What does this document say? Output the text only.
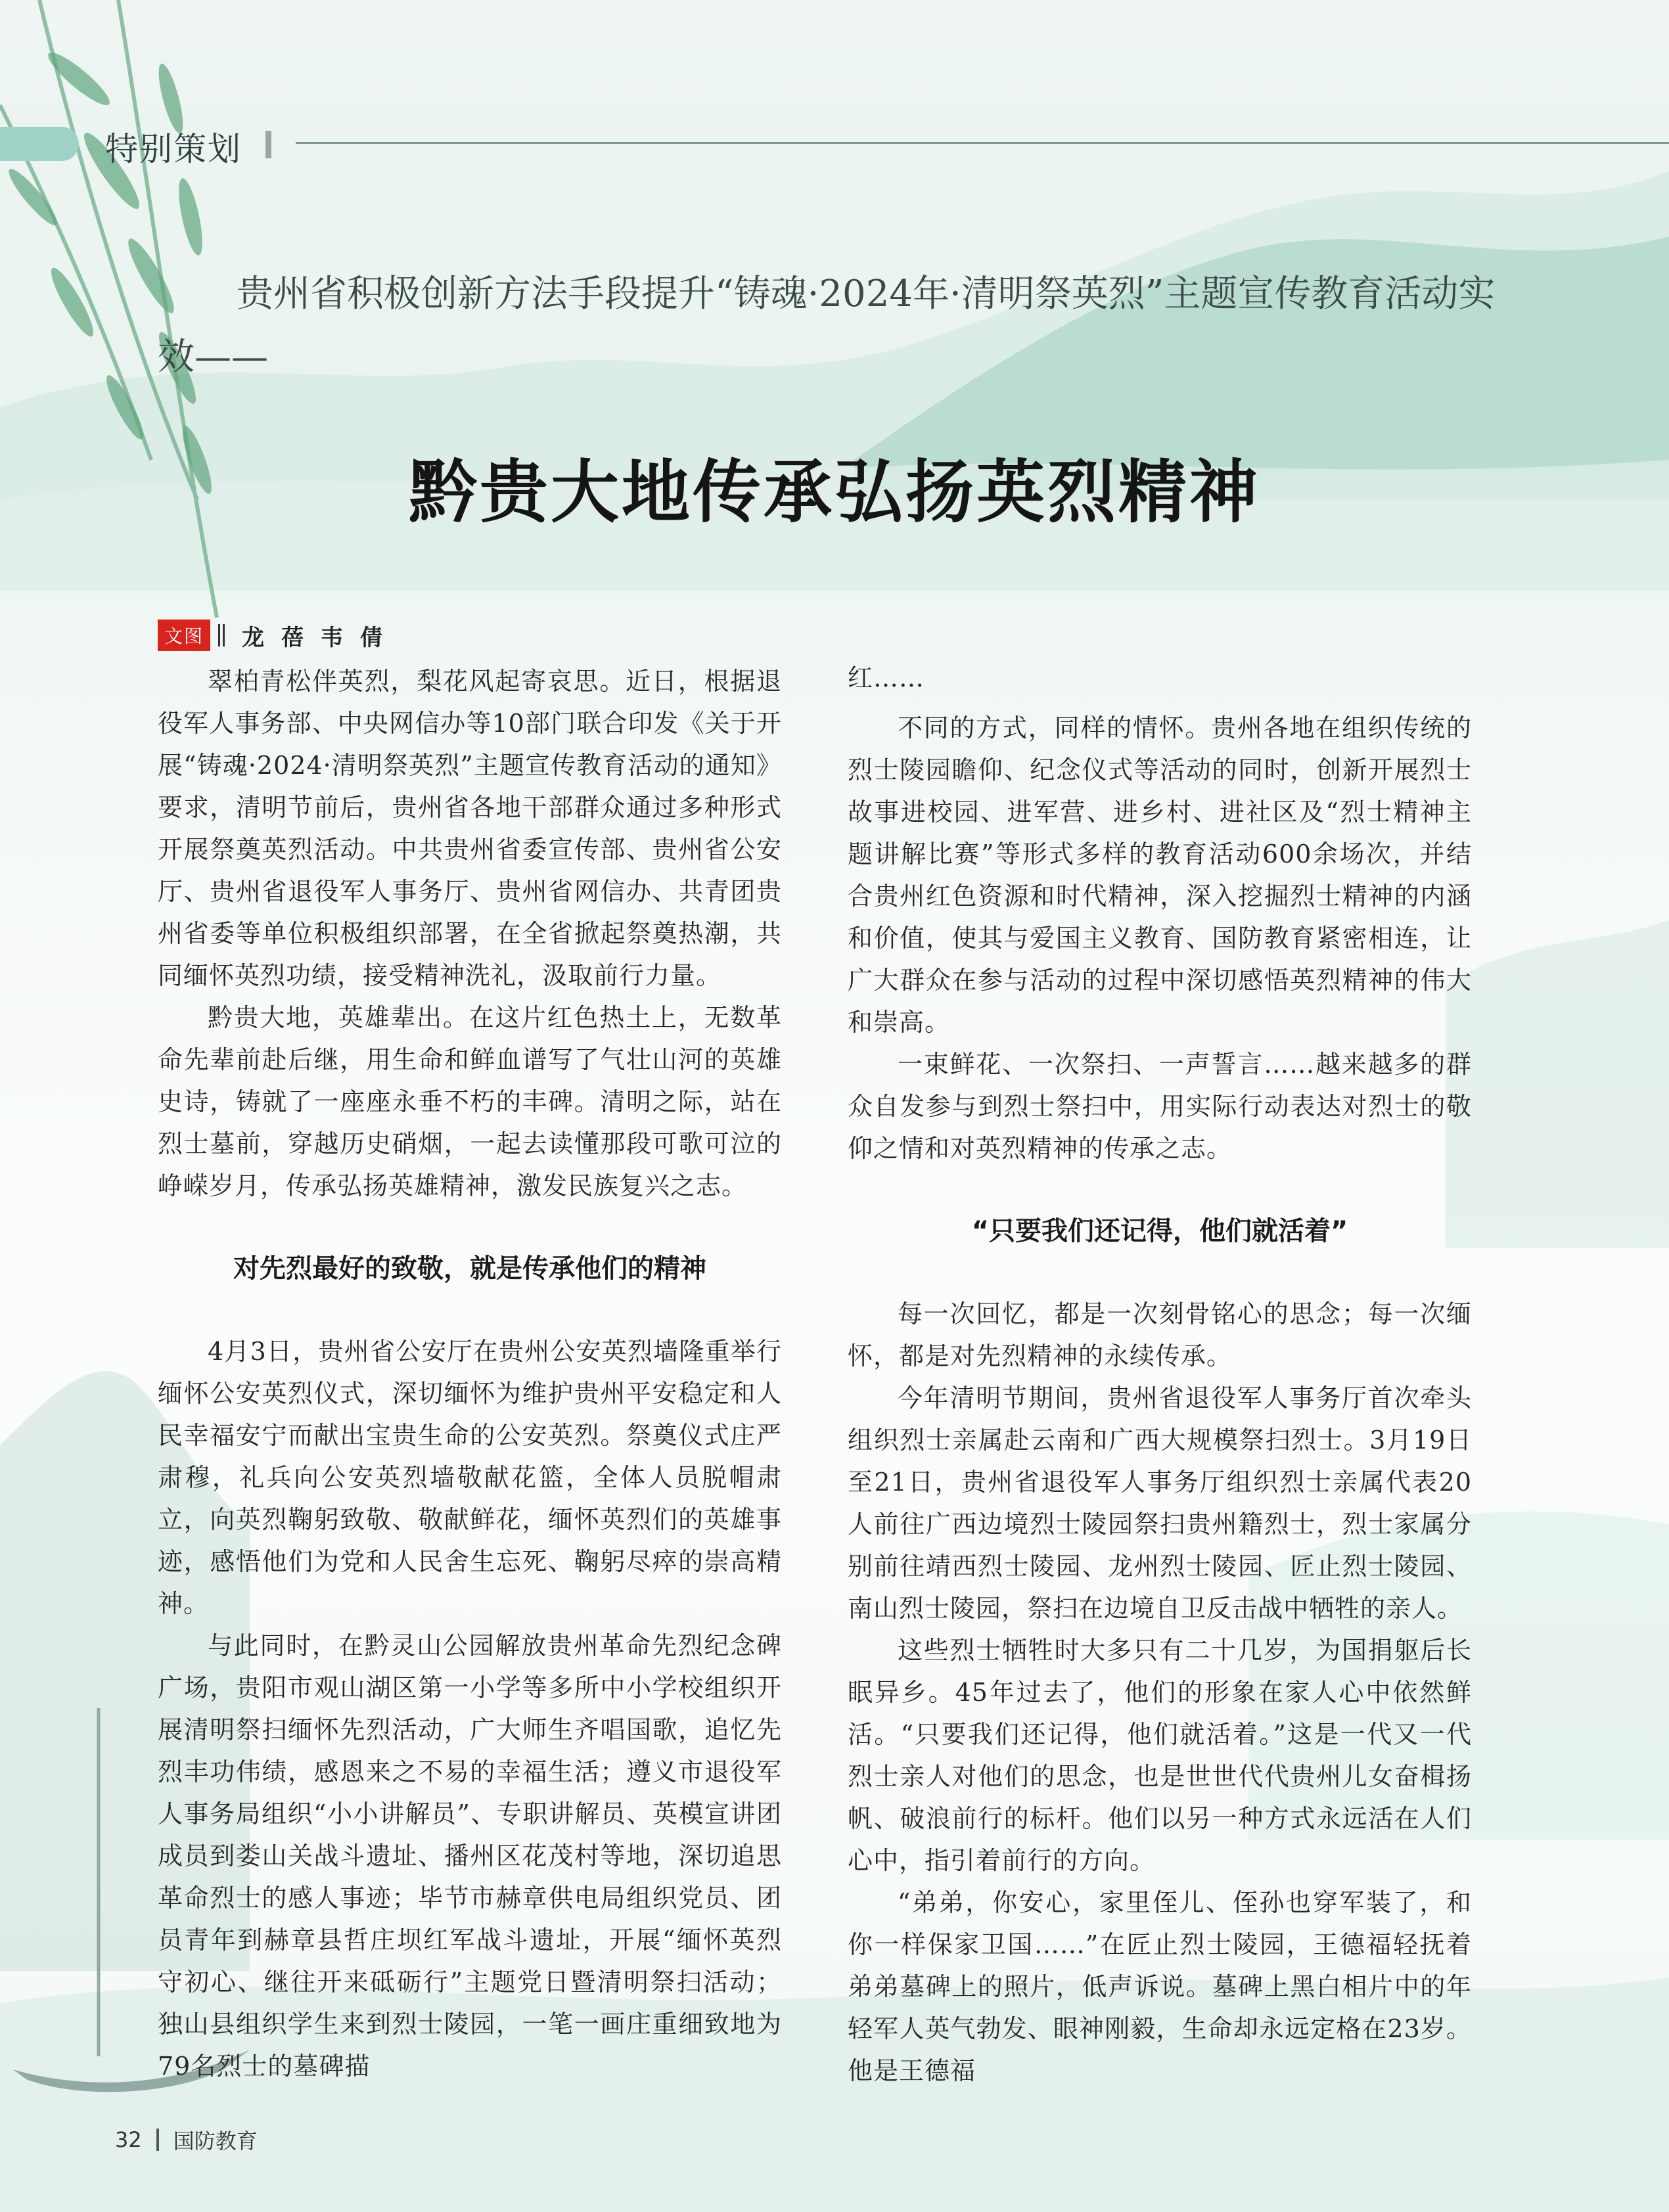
特别策划
贵州省积极创新方法手段提升“铸魂·2024年·清明祭英烈”主题宣传教育活动实效——
黔贵大地传承弘扬英烈精神
文图 龙蓓韦倩

翠柏青松伴英烈，梨花风起寄哀思。近日，根据退役军人事务部、中央网信办等10部门联合印发《关于开展“铸魂·2024·清明祭英烈”主题宣传教育活动的通知》要求，清明节前后，贵州省各地干部群众通过多种形式开展祭奠英烈活动。中共贵州省委宣传部、贵州省公安厅、贵州省退役军人事务厅、贵州省网信办、共青团贵州省委等单位积极组织部署，在全省掀起祭奠热潮，共同缅怀英烈功绩，接受精神洗礼，汲取前行力量。

黔贵大地，英雄辈出。在这片红色热土上，无数革命先辈前赴后继，用生命和鲜血谱写了气壮山河的英雄史诗，铸就了一座座永垂不朽的丰碑。清明之际，站在烈士墓前，穿越历史硝烟，一起去读懂那段可歌可泣的峥嵘岁月，传承弘扬英雄精神，激发民族复兴之志。

对先烈最好的致敬，就是传承他们的精神

4月3日，贵州省公安厅在贵州公安英烈墙隆重举行缅怀公安英烈仪式，深切缅怀为维护贵州平安稳定和人民幸福安宁而献出宝贵生命的公安英烈。祭奠仪式庄严肃穆，礼兵向公安英烈墙敬献花篮，全体人员脱帽肃立，向英烈鞠躬致敬、敬献鲜花，缅怀英烈们的英雄事迹，感悟他们为党和人民舍生忘死、鞠躬尽瘁的崇高精神。

与此同时，在黔灵山公园解放贵州革命先烈纪念碑广场，贵阳市观山湖区第一小学等多所中小学校组织开展清明祭扫缅怀先烈活动，广大师生齐唱国歌，追忆先烈丰功伟绩，感恩来之不易的幸福生活；遵义市退役军人事务局组织“小小讲解员”、专职讲解员、英模宣讲团成员到娄山关战斗遗址、播州区花茂村等地，深切追思革命烈士的感人事迹；毕节市赫章供电局组织党员、团员青年到赫章县哲庄坝红军战斗遗址，开展“缅怀英烈守初心、继往开来砥砺行”主题党日暨清明祭扫活动；独山县组织学生来到烈士陵园，一笔一画庄重细致地为79名烈士的墓碑描

红……

不同的方式，同样的情怀。贵州各地在组织传统的烈士陵园瞻仰、纪念仪式等活动的同时，创新开展烈士故事进校园、进军营、进乡村、进社区及“烈士精神主题讲解比赛”等形式多样的教育活动600余场次，并结合贵州红色资源和时代精神，深入挖掘烈士精神的内涵和价值，使其与爱国主义教育、国防教育紧密相连，让广大群众在参与活动的过程中深切感悟英烈精神的伟大和崇高。

一束鲜花、一次祭扫、一声誓言……越来越多的群众自发参与到烈士祭扫中，用实际行动表达对烈士的敬仰之情和对英烈精神的传承之志。

“只要我们还记得，他们就活着”

每一次回忆，都是一次刻骨铭心的思念；每一次缅怀，都是对先烈精神的永续传承。

今年清明节期间，贵州省退役军人事务厅首次牵头组织烈士亲属赴云南和广西大规模祭扫烈士。3月19日至21日，贵州省退役军人事务厅组织烈士亲属代表20人前往广西边境烈士陵园祭扫贵州籍烈士，烈士家属分别前往靖西烈士陵园、龙州烈士陵园、匠止烈士陵园、南山烈士陵园，祭扫在边境自卫反击战中牺牲的亲人。

这些烈士牺牲时大多只有二十几岁，为国捐躯后长眠异乡。45年过去了，他们的形象在家人心中依然鲜活。“只要我们还记得，他们就活着。”这是一代又一代烈士亲人对他们的思念，也是世世代代贵州儿女奋楫扬帆、破浪前行的标杆。他们以另一种方式永远活在人们心中，指引着前行的方向。

“弟弟，你安心，家里侄儿、侄孙也穿军装了，和你一样保家卫国……”在匠止烈士陵园，王德福轻抚着弟弟墓碑上的照片，低声诉说。墓碑上黑白相片中的年轻军人英气勃发、眼神刚毅，生命却永远定格在23岁。他是王德福

32 国防教育
